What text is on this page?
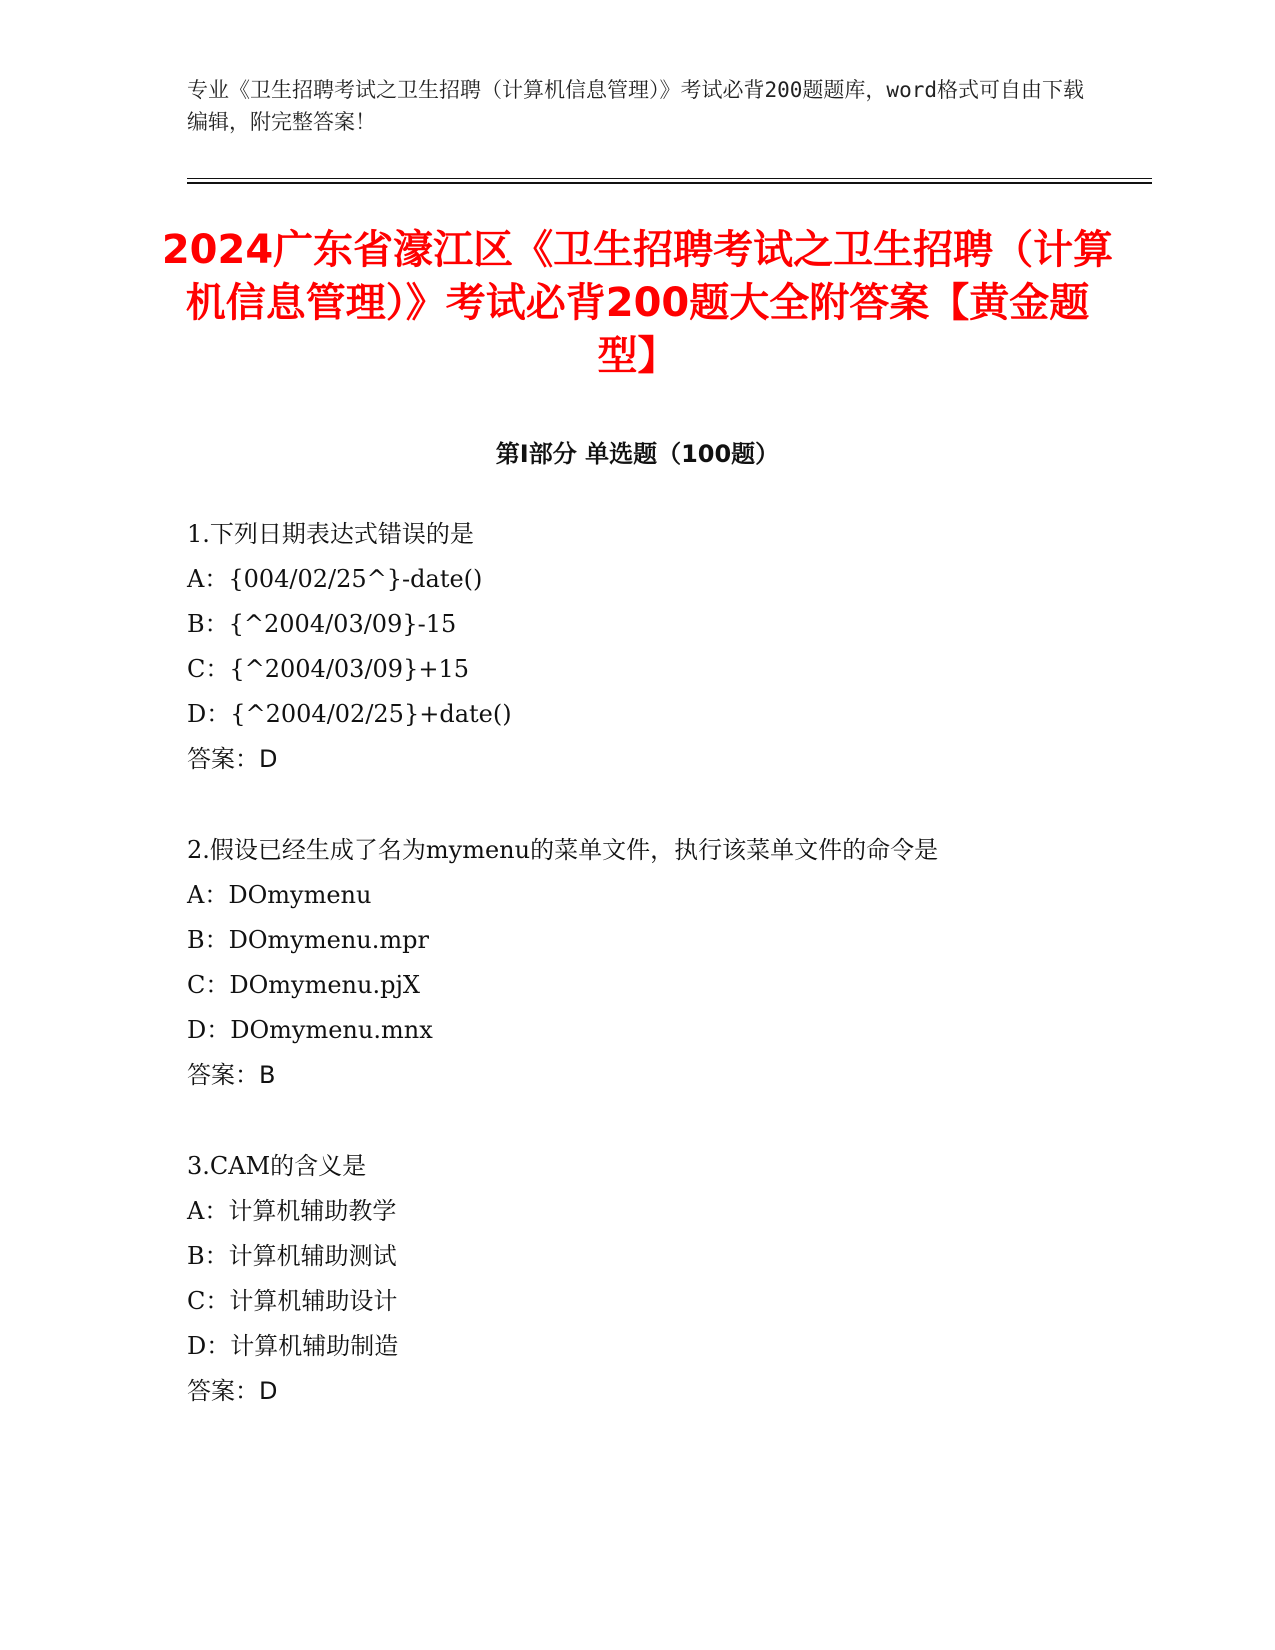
专业《卫生招聘考试之卫生招聘（计算机信息管理）》考试必背200题题库，word格式可自由下载编辑，附完整答案！
2024广东省濠江区《卫生招聘考试之卫生招聘（计算机信息管理）》考试必背200题大全附答案【黄金题型】
第Ⅰ部分 单选题（100题）
1.下列日期表达式错误的是
A：{004/02/25^}-date()
B：{^2004/03/09}-15
C：{^2004/03/09}+15
D：{^2004/02/25}+date()
答案：D
2.假设已经生成了名为mymenu的菜单文件，执行该菜单文件的命令是
A：DOmymenu
B：DOmymenu.mpr
C：DOmymenu.pjX
D：DOmymenu.mnx
答案：B
3.CAM的含义是
A：计算机辅助教学
B：计算机辅助测试
C：计算机辅助设计
D：计算机辅助制造
答案：D
